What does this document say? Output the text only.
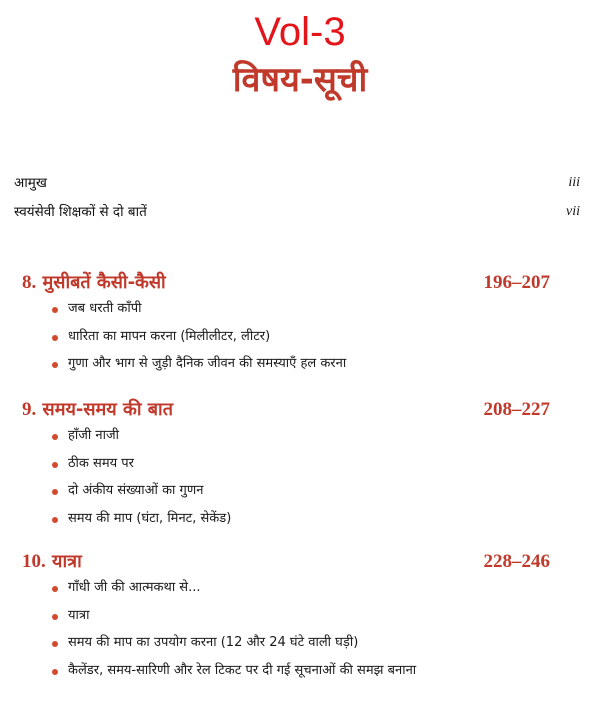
Vol-3
विषय-सूची
आमुख	iii
स्वयंसेवी शिक्षकों से दो बातें	vii
8. मुसीबतें कैसी-कैसी	196–207
जब धरती काँपी
धारिता का मापन करना (मिलीलीटर, लीटर)
गुणा और भाग से जुड़ी दैनिक जीवन की समस्याएँ हल करना
9. समय-समय की बात	208–227
हाँजी नाजी
ठीक समय पर
दो अंकीय संख्याओं का गुणन
समय की माप (घंटा, मिनट, सेकेंड)
10. यात्रा	228–246
गाँधी जी की आत्मकथा से...
यात्रा
समय की माप का उपयोग करना (12 और 24 घंटे वाली घड़ी)
कैलेंडर, समय-सारिणी और रेल टिकट पर दी गई सूचनाओं की समझ बनाना
